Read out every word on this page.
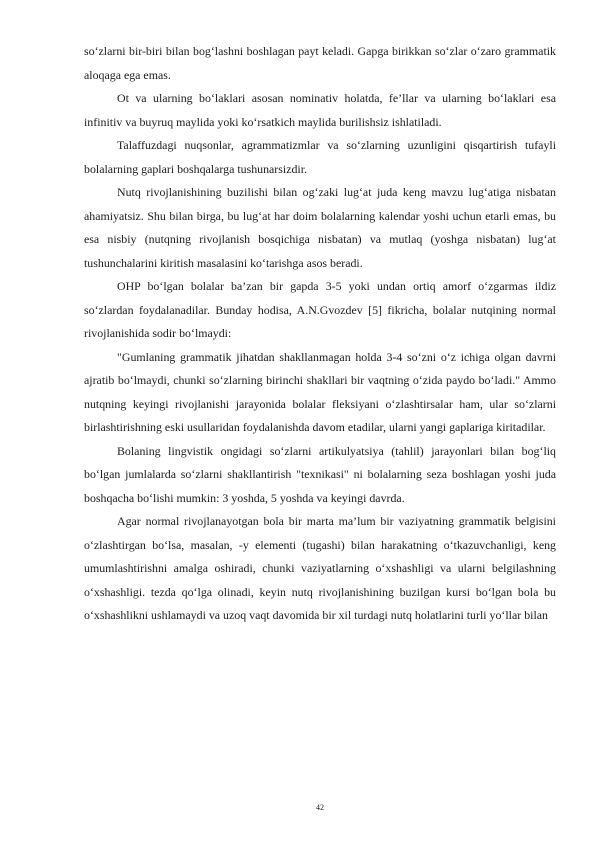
so‘zlarni bir-biri bilan bog‘lashni boshlagan payt keladi. Gapga birikkan so‘zlar o‘zaro grammatik aloqaga ega emas.

Ot va ularning bo‘laklari asosan nominativ holatda, fe’llar va ularning bo‘laklari esa infinitiv va buyruq maylida yoki ko‘rsatkich maylida burilishsiz ishlatiladi.

Talaffuzdagi nuqsonlar, agrammatizmlar va so‘zlarning uzunligini qisqartirish tufayli bolalarning gaplari boshqalarga tushunarsizdir.

Nutq rivojlanishining buzilishi bilan og‘zaki lug‘at juda keng mavzu lug‘atiga nisbatan ahamiyatsiz. Shu bilan birga, bu lug‘at har doim bolalarning kalendar yoshi uchun etarli emas, bu esa nisbiy (nutqning rivojlanish bosqichiga nisbatan) va mutlaq (yoshga nisbatan) lug‘at tushunchalarini kiritish masalasini ko‘tarishga asos beradi.

OHP bo‘lgan bolalar ba’zan bir gapda 3-5 yoki undan ortiq amorf o‘zgarmas ildiz so‘zlardan foydalanadilar. Bunday hodisa, A.N.Gvozdev [5] fikricha, bolalar nutqining normal rivojlanishida sodir bo‘lmaydi:

"Gumlaning grammatik jihatdan shakllanmagan holda 3-4 so‘zni o‘z ichiga olgan davrni ajratib bo‘lmaydi, chunki so‘zlarning birinchi shakllari bir vaqtning o‘zida paydo bo‘ladi." Ammo nutqning keyingi rivojlanishi jarayonida bolalar fleksiyani o‘zlashtirsalar ham, ular so‘zlarni birlashtirishning eski usullaridan foydalanishda davom etadilar, ularni yangi gaplariga kiritadilar.

Bolaning lingvistik ongidagi so‘zlarni artikulyatsiya (tahlil) jarayonlari bilan bog‘liq bo‘lgan jumlalarda so‘zlarni shakllantirish "texnikasi" ni bolalarning seza boshlagan yoshi juda boshqacha bo‘lishi mumkin: 3 yoshda, 5 yoshda va keyingi davrda.

Agar normal rivojlanayotgan bola bir marta ma’lum bir vaziyatning grammatik belgisini o‘zlashtirgan bo‘lsa, masalan, -y elementi (tugashi) bilan harakatning o‘tkazuvchanligi, keng umumlashtirishni amalga oshiradi, chunki vaziyatlarning o‘xshashligi va ularni belgilashning o‘xshashligi. tezda qo‘lga olinadi, keyin nutq rivojlanishining buzilgan kursi bo‘lgan bola bu o‘xshashlikni ushlamaydi va uzoq vaqt davomida bir xil turdagi nutq holatlarini turli yo‘llar bilan

42
